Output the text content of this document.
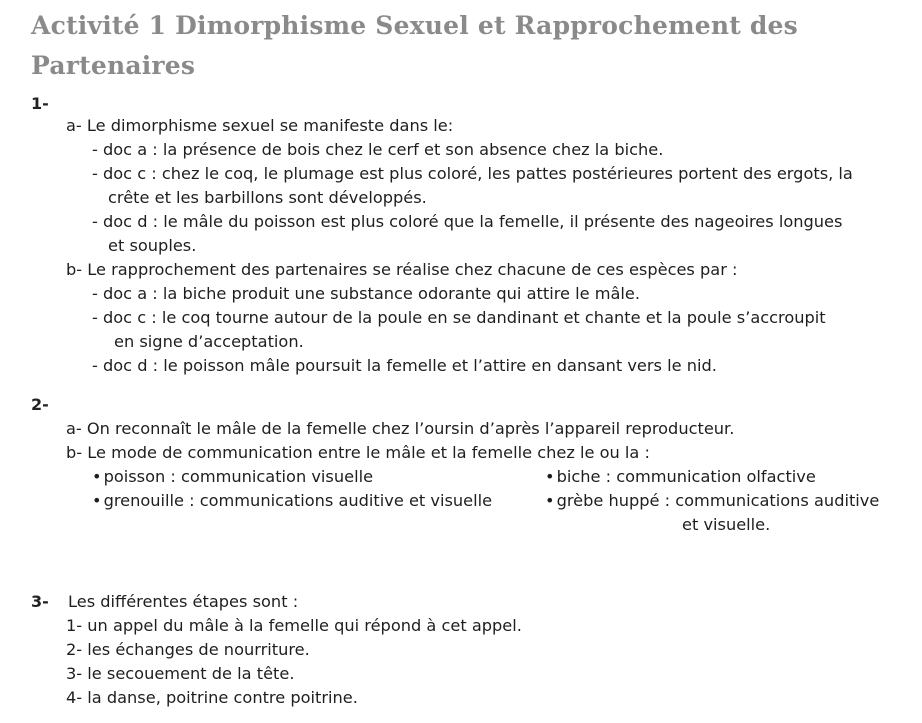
Activité 1 Dimorphisme Sexuel et Rapprochement des Partenaires
1-
a- Le dimorphisme sexuel se manifeste dans le:
- doc a : la présence de bois chez le cerf et son absence chez la biche.
- doc c : chez le coq, le plumage est plus coloré, les pattes postérieures portent des ergots, la
crête et les barbillons sont développés.
- doc d : le mâle du poisson est plus coloré que la femelle, il présente des nageoires longues
et souples.
b- Le rapprochement des partenaires se réalise chez chacune de ces espèces par :
- doc a : la biche produit une substance odorante qui attire le mâle.
- doc c : le coq tourne autour de la poule en se dandinant et chante et la poule s’accroupit
en signe d’acceptation.
- doc d : le poisson mâle poursuit la femelle et l’attire en dansant vers le nid.
2-
a- On reconnaît le mâle de la femelle chez l’oursin d’après l’appareil reproducteur.
b- Le mode de communication entre le mâle et la femelle chez le ou la :
• poisson : communication visuelle	• biche : communication olfactive
• grenouille : communications auditive et visuelle	• grèbe huppé : communications auditive
et visuelle.
3- Les différentes étapes sont :
1- un appel du mâle à la femelle qui répond à cet appel.
2- les échanges de nourriture.
3- le secouement de la tête.
4- la danse, poitrine contre poitrine.
